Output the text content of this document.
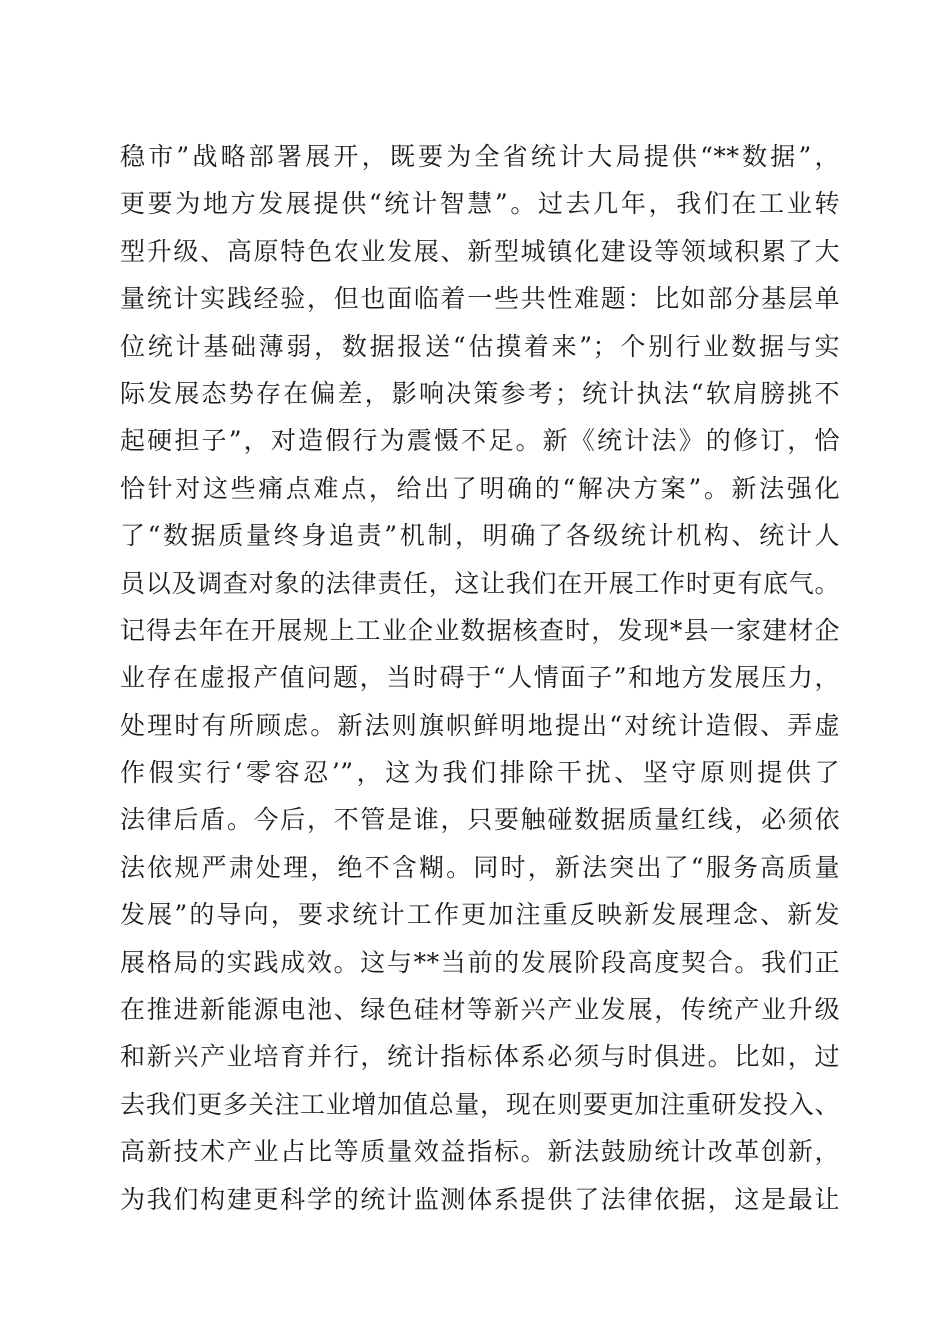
稳市”战略部署展开，既要为全省统计大局提供“**数据”，
更要为地方发展提供“统计智慧”。过去几年，我们在工业转
型升级、高原特色农业发展、新型城镇化建设等领域积累了大
量统计实践经验，但也面临着一些共性难题：比如部分基层单
位统计基础薄弱，数据报送“估摸着来”；个别行业数据与实
际发展态势存在偏差，影响决策参考；统计执法“软肩膀挑不
起硬担子”，对造假行为震慑不足。新《统计法》的修订，恰
恰针对这些痛点难点，给出了明确的“解决方案”。新法强化
了“数据质量终身追责”机制，明确了各级统计机构、统计人
员以及调查对象的法律责任，这让我们在开展工作时更有底气。
记得去年在开展规上工业企业数据核查时，发现*县一家建材企
业存在虚报产值问题，当时碍于“人情面子”和地方发展压力，
处理时有所顾虑。新法则旗帜鲜明地提出“对统计造假、弄虚
作假实行‘零容忍’”，这为我们排除干扰、坚守原则提供了
法律后盾。今后，不管是谁，只要触碰数据质量红线，必须依
法依规严肃处理，绝不含糊。同时，新法突出了“服务高质量
发展”的导向，要求统计工作更加注重反映新发展理念、新发
展格局的实践成效。这与**当前的发展阶段高度契合。我们正
在推进新能源电池、绿色硅材等新兴产业发展，传统产业升级
和新兴产业培育并行，统计指标体系必须与时俱进。比如，过
去我们更多关注工业增加值总量，现在则要更加注重研发投入、
高新技术产业占比等质量效益指标。新法鼓励统计改革创新，
为我们构建更科学的统计监测体系提供了法律依据，这是最让
